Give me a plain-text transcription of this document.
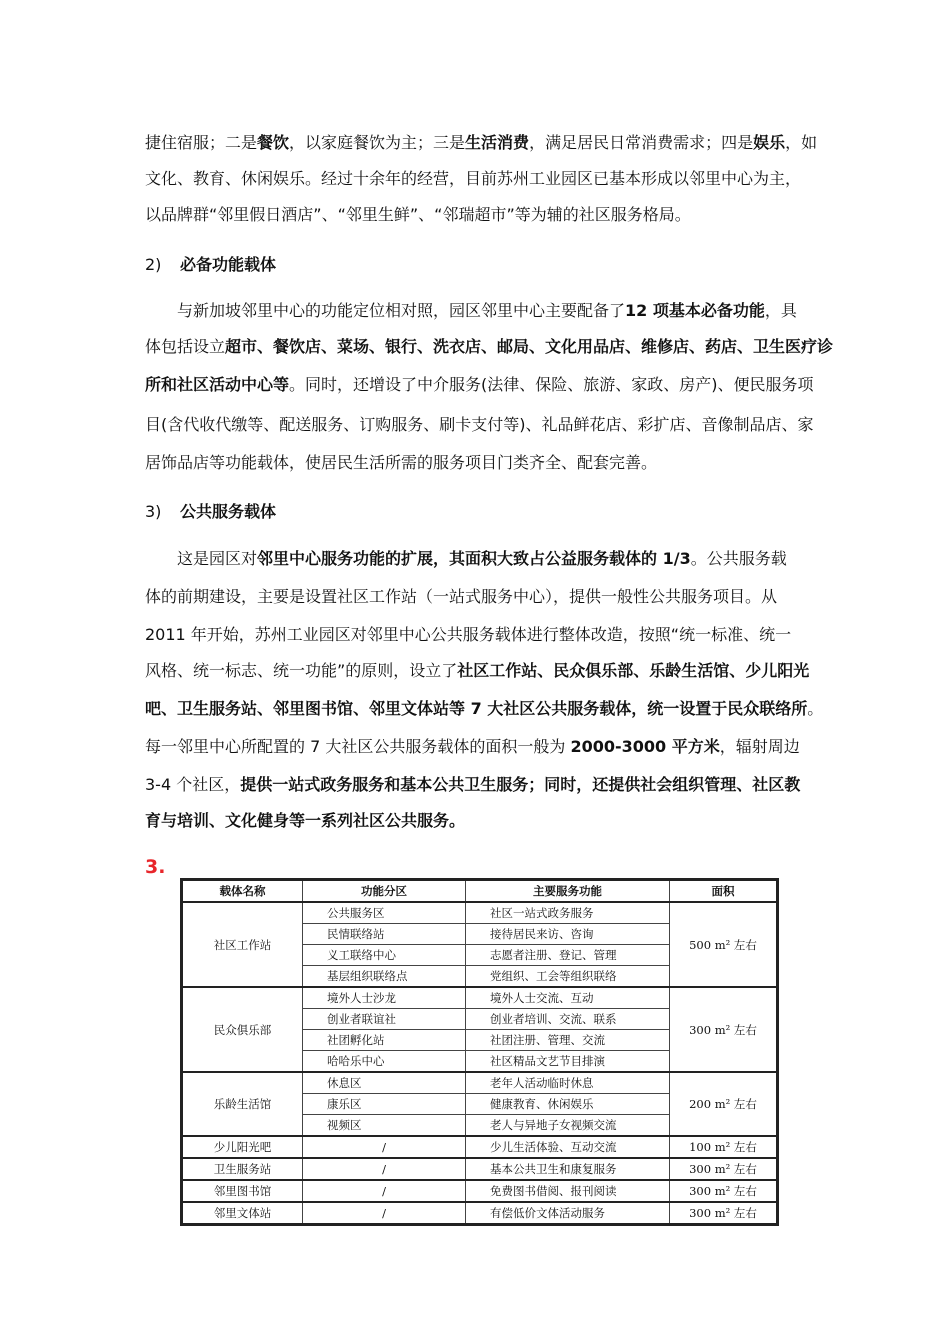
捷住宿服；二是餐饮，以家庭餐饮为主；三是生活消费，满足居民日常消费需求；四是娱乐，如
文化、教育、休闲娱乐。经过十余年的经营，目前苏州工业园区已基本形成以邻里中心为主，
以品牌群“邻里假日酒店”、“邻里生鲜”、“邻瑞超市”等为辅的社区服务格局。
2) 必备功能载体
与新加坡邻里中心的功能定位相对照，园区邻里中心主要配备了12 项基本必备功能，具
体包括设立超市、餐饮店、菜场、银行、洗衣店、邮局、文化用品店、维修店、药店、卫生医疗诊
所和社区活动中心等。同时，还增设了中介服务(法律、保险、旅游、家政、房产)、便民服务项
目(含代收代缴等、配送服务、订购服务、刷卡支付等)、礼品鲜花店、彩扩店、音像制品店、家
居饰品店等功能载体，使居民生活所需的服务项目门类齐全、配套完善。
3) 公共服务载体
这是园区对邻里中心服务功能的扩展，其面积大致占公益服务载体的 1/3。公共服务载
体的前期建设，主要是设置社区工作站（一站式服务中心），提供一般性公共服务项目。从
2011 年开始，苏州工业园区对邻里中心公共服务载体进行整体改造，按照“统一标准、统一
风格、统一标志、统一功能”的原则，设立了社区工作站、民众俱乐部、乐龄生活馆、少儿阳光
吧、卫生服务站、邻里图书馆、邻里文体站等 7 大社区公共服务载体，统一设置于民众联络所。
每一邻里中心所配置的 7 大社区公共服务载体的面积一般为 2000-3000 平方米，辐射周边
3-4 个社区，提供一站式政务服务和基本公共卫生服务；同时，还提供社会组织管理、社区教
育与培训、文化健身等一系列社区公共服务。
3.
载体名称	功能分区	主要服务功能	面积
社区工作站	公共服务区	社区一站式政务服务	500 m² 左右
	民情联络站	接待居民来访、咨询	
	义工联络中心	志愿者注册、登记、管理	
	基层组织联络点	党组织、工会等组织联络	
民众俱乐部	境外人士沙龙	境外人士交流、互动	300 m² 左右
	创业者联谊社	创业者培训、交流、联系	
	社团孵化站	社团注册、管理、交流	
	哈哈乐中心	社区精品文艺节目排演	
乐龄生活馆	休息区	老年人活动临时休息	200 m² 左右
	康乐区	健康教育、休闲娱乐	
	视频区	老人与异地子女视频交流	
少儿阳光吧	/	少儿生活体验、互动交流	100 m² 左右
卫生服务站	/	基本公共卫生和康复服务	300 m² 左右
邻里图书馆	/	免费图书借阅、报刊阅读	300 m² 左右
邻里文体站	/	有偿低价文体活动服务	300 m² 左右
